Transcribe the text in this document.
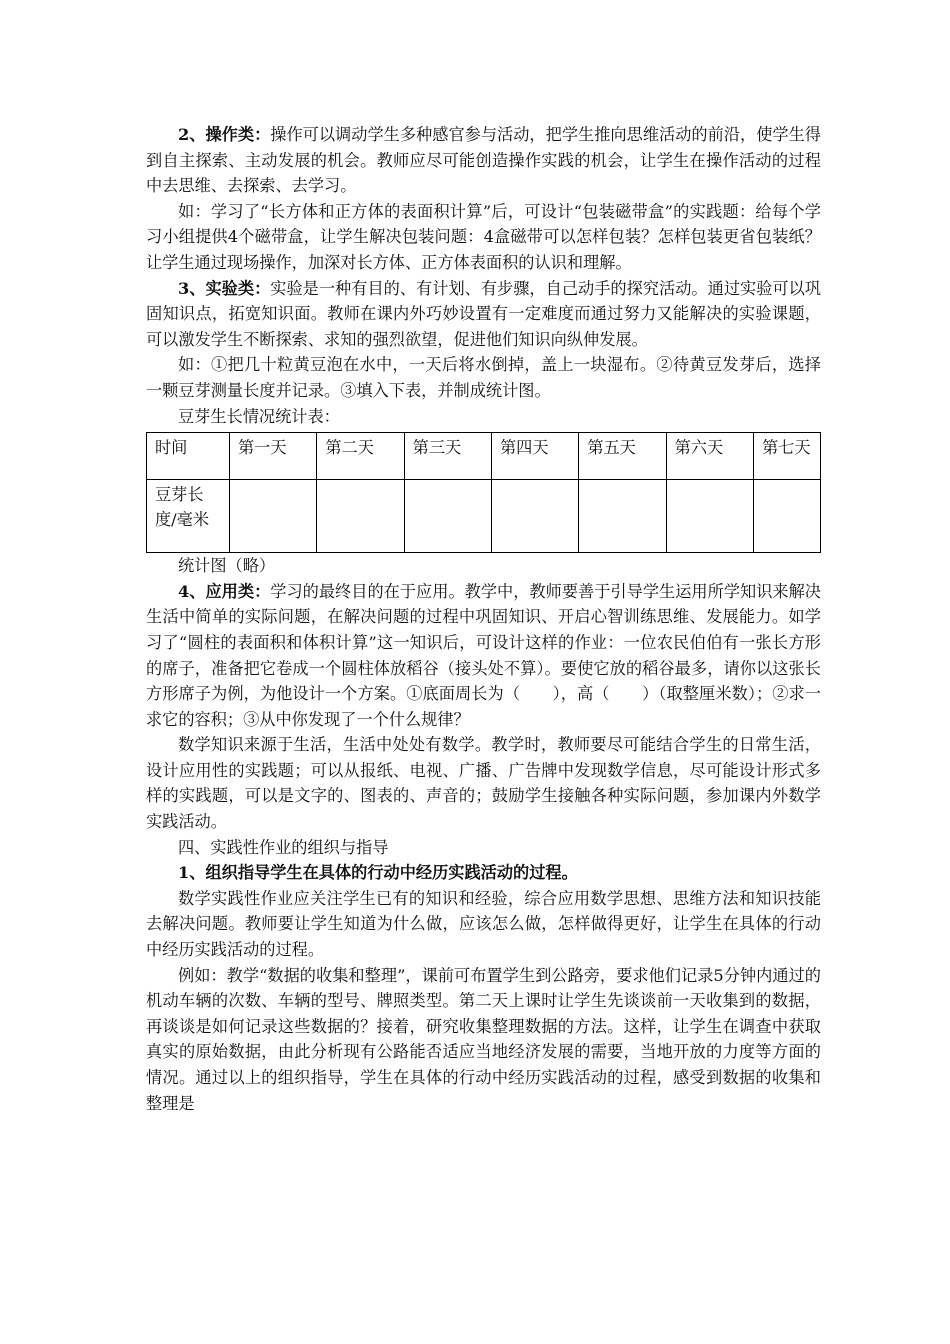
2、操作类：操作可以调动学生多种感官参与活动，把学生推向思维活动的前沿，使学生得到自主探索、主动发展的机会。教师应尽可能创造操作实践的机会，让学生在操作活动的过程中去思维、去探索、去学习。

如：学习了“长方体和正方体的表面积计算”后，可设计“包装磁带盒”的实践题：给每个学习小组提供4个磁带盒，让学生解决包装问题：4盒磁带可以怎样包装？怎样包装更省包装纸？让学生通过现场操作，加深对长方体、正方体表面积的认识和理解。

3、实验类：实验是一种有目的、有计划、有步骤，自己动手的探究活动。通过实验可以巩固知识点，拓宽知识面。教师在课内外巧妙设置有一定难度而通过努力又能解决的实验课题，可以激发学生不断探索、求知的强烈欲望，促进他们知识向纵伸发展。

如：①把几十粒黄豆泡在水中，一天后将水倒掉，盖上一块湿布。②待黄豆发芽后，选择一颗豆芽测量长度并记录。③填入下表，并制成统计图。

豆芽生长情况统计表：

时间	第一天	第二天	第三天	第四天	第五天	第六天	第七天
豆芽长度/毫米							

统计图（略）

4、应用类：学习的最终目的在于应用。教学中，教师要善于引导学生运用所学知识来解决生活中简单的实际问题，在解决问题的过程中巩固知识、开启心智训练思维、发展能力。如学习了“圆柱的表面积和体积计算”这一知识后，可设计这样的作业：一位农民伯伯有一张长方形的席子，准备把它卷成一个圆柱体放稻谷（接头处不算）。要使它放的稻谷最多，请你以这张长方形席子为例，为他设计一个方案。①底面周长为（　　），高（　　）（取整厘米数）；②求一求它的容积；③从中你发现了一个什么规律？

数学知识来源于生活，生活中处处有数学。教学时，教师要尽可能结合学生的日常生活，设计应用性的实践题；可以从报纸、电视、广播、广告牌中发现数学信息，尽可能设计形式多样的实践题，可以是文字的、图表的、声音的；鼓励学生接触各种实际问题，参加课内外数学实践活动。

四、实践性作业的组织与指导

1、组织指导学生在具体的行动中经历实践活动的过程。

数学实践性作业应关注学生已有的知识和经验，综合应用数学思想、思维方法和知识技能去解决问题。教师要让学生知道为什么做，应该怎么做，怎样做得更好，让学生在具体的行动中经历实践活动的过程。

例如：教学“数据的收集和整理”，课前可布置学生到公路旁，要求他们记录5分钟内通过的机动车辆的次数、车辆的型号、牌照类型。第二天上课时让学生先谈谈前一天收集到的数据，再谈谈是如何记录这些数据的？接着，研究收集整理数据的方法。这样，让学生在调查中获取真实的原始数据，由此分析现有公路能否适应当地经济发展的需要，当地开放的力度等方面的情况。通过以上的组织指导，学生在具体的行动中经历实践活动的过程，感受到数据的收集和整理是
